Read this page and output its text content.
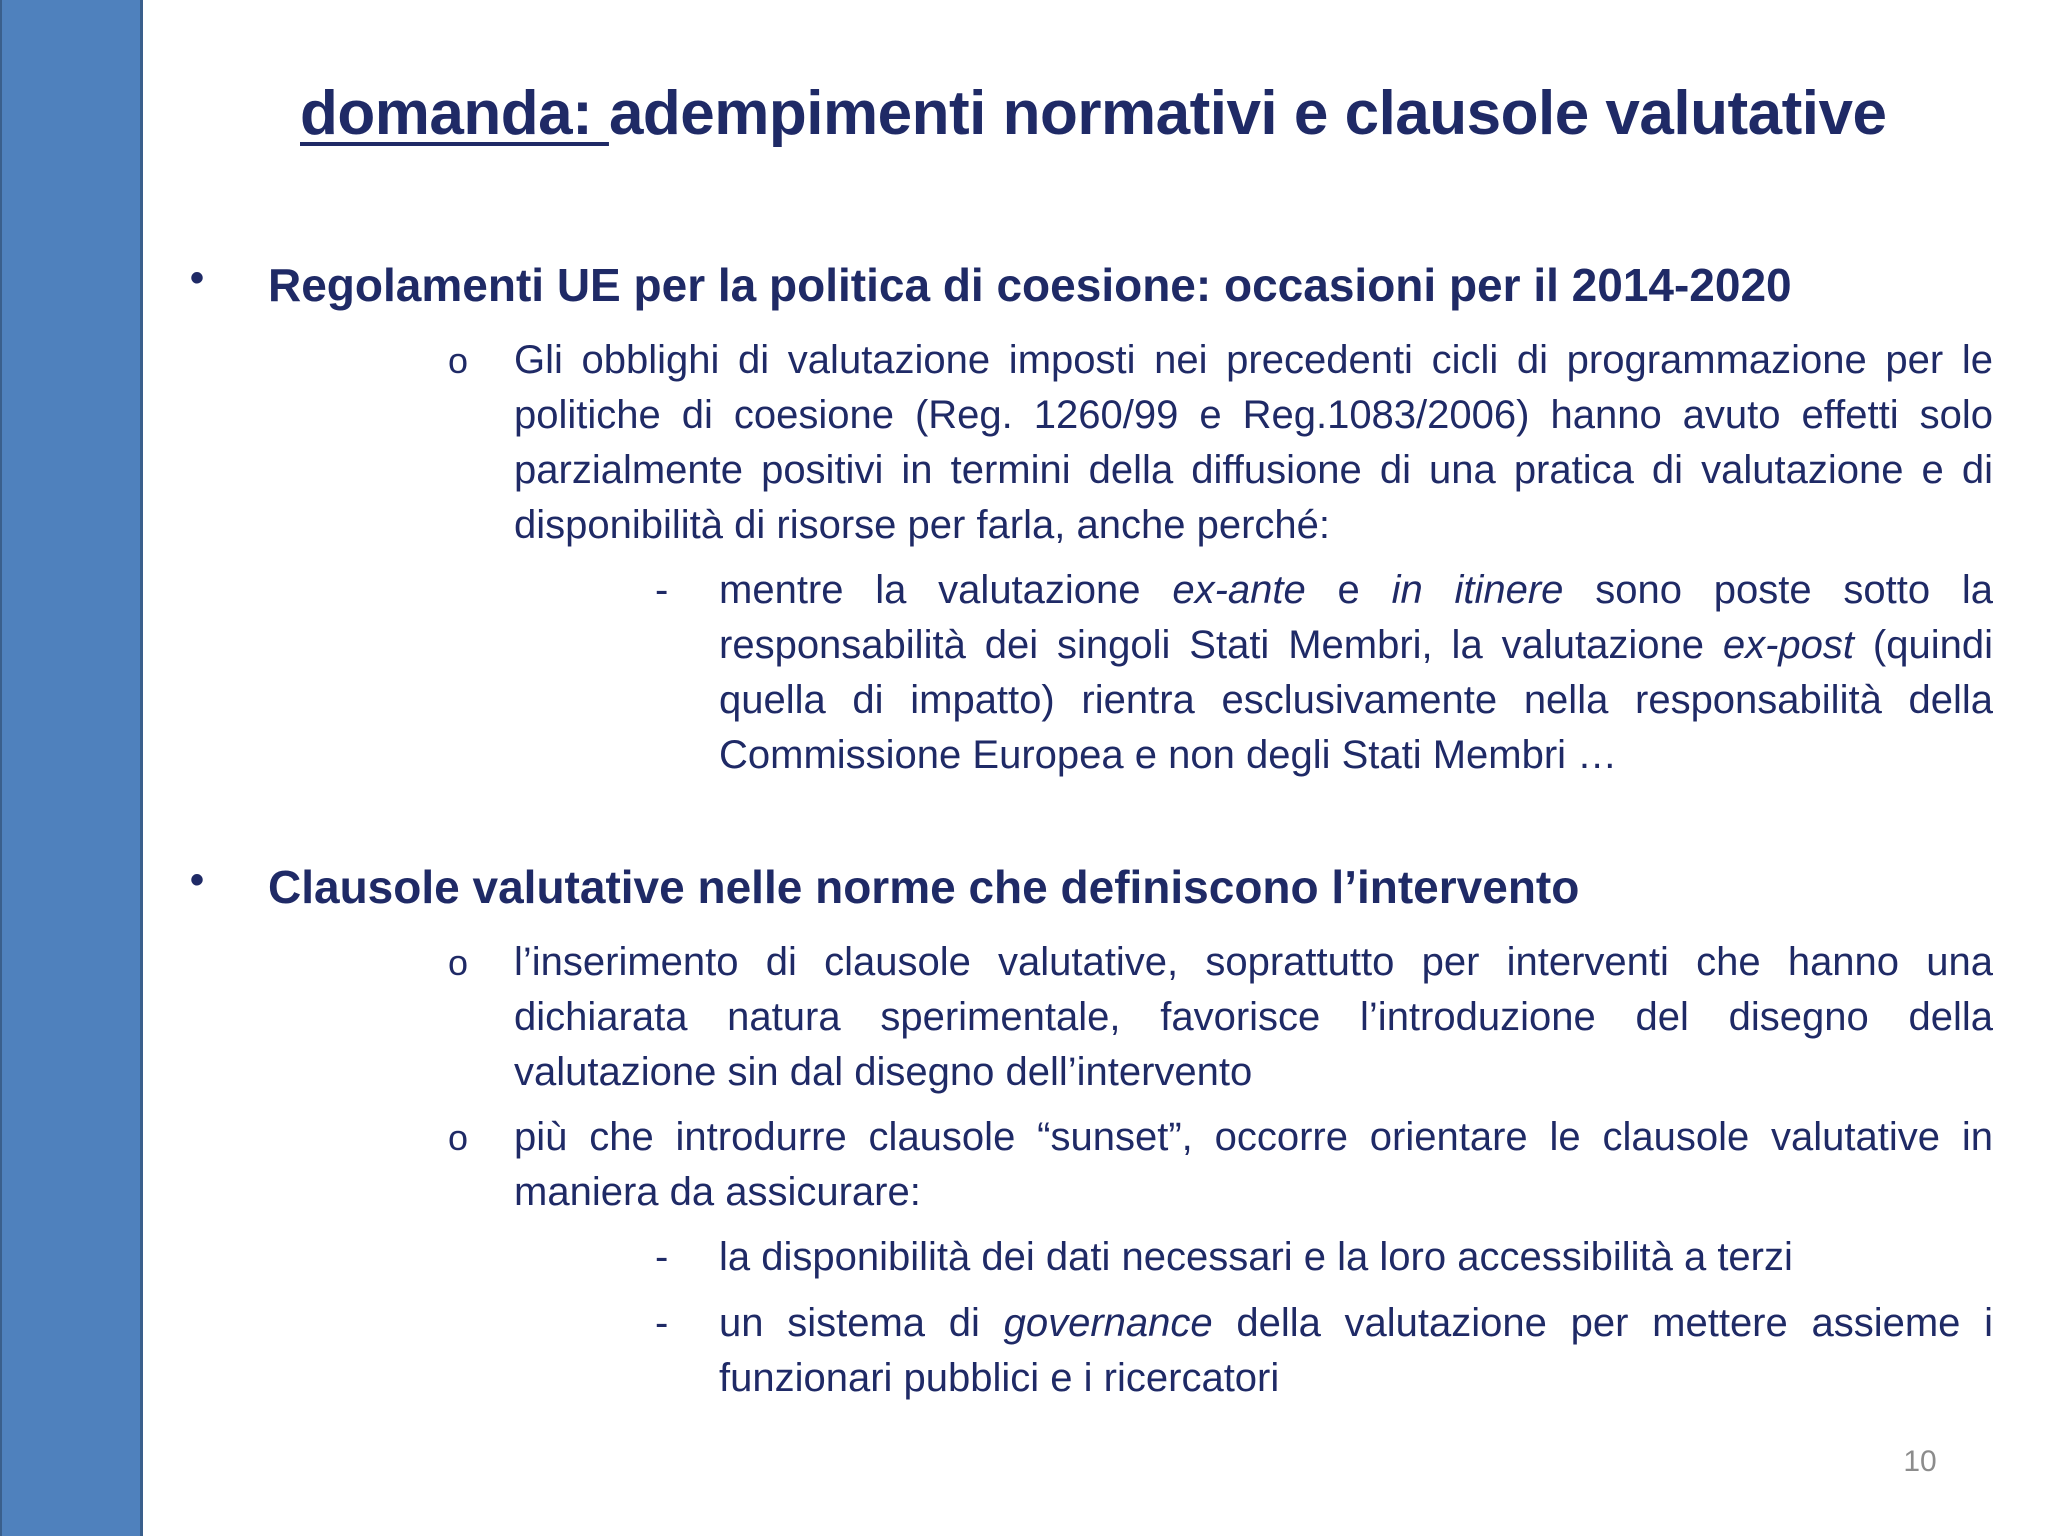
domanda: adempimenti normativi e clausole valutative
• Regolamenti UE per la politica di coesione: occasioni per il 2014-2020
o Gli obblighi di valutazione imposti nei precedenti cicli di programmazione per le politiche di coesione (Reg. 1260/99 e Reg.1083/2006) hanno avuto effetti solo parzialmente positivi in termini della diffusione di una pratica di valutazione e di disponibilità di risorse per farla, anche perché:
- mentre la valutazione ex-ante e in itinere sono poste sotto la responsabilità dei singoli Stati Membri, la valutazione ex-post (quindi quella di impatto) rientra esclusivamente nella responsabilità della Commissione Europea e non degli Stati Membri …
• Clausole valutative nelle norme che definiscono l’intervento
o l’inserimento di clausole valutative, soprattutto per interventi che hanno una dichiarata natura sperimentale, favorisce l’introduzione del disegno della valutazione sin dal disegno dell’intervento
o più che introdurre clausole “sunset”, occorre orientare le clausole valutative in maniera da assicurare:
- la disponibilità dei dati necessari e la loro accessibilità a terzi
- un sistema di governance della valutazione per mettere assieme i funzionari pubblici e i ricercatori
10
